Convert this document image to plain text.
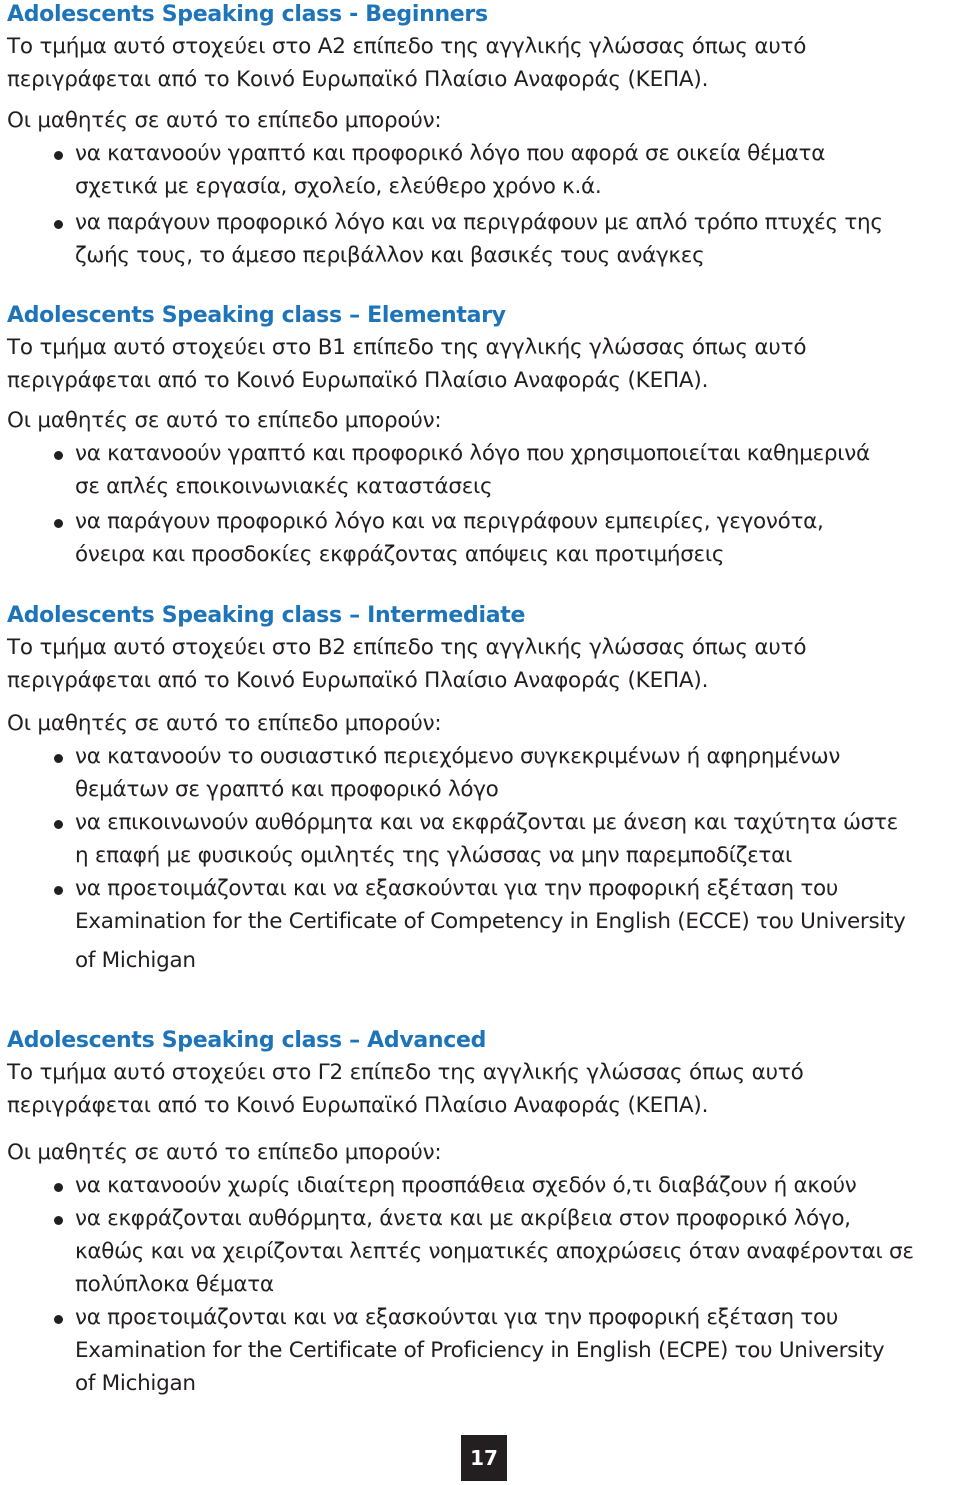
Adolescents Speaking class - Beginners

Το τμήμα αυτό στοχεύει στο Α2 επίπεδο της αγγλικής γλώσσας όπως αυτό
περιγράφεται από το Κοινό Ευρωπαϊκό Πλαίσιο Αναφοράς (ΚΕΠΑ).

Οι μαθητές σε αυτό το επίπεδο μπορούν:

να κατανοούν γραπτό και προφορικό λόγο που αφορά σε οικεία θέματα
σχετικά με εργασία, σχολείο, ελεύθερο χρόνο κ.ά.
να παράγουν προφορικό λόγο και να περιγράφουν με απλό τρόπο πτυχές της
ζωής τους, το άμεσο περιβάλλον και βασικές τους ανάγκες
Adolescents Speaking class – Elementary

Το τμήμα αυτό στοχεύει στο Β1 επίπεδο της αγγλικής γλώσσας όπως αυτό
περιγράφεται από το Κοινό Ευρωπαϊκό Πλαίσιο Αναφοράς (ΚΕΠΑ).

Οι μαθητές σε αυτό το επίπεδο μπορούν:

να κατανοούν γραπτό και προφορικό λόγο που χρησιμοποιείται καθημερινά
σε απλές εποικοινωνιακές καταστάσεις
να παράγουν προφορικό λόγο και να περιγράφουν εμπειρίες, γεγονότα,
όνειρα και προσδοκίες εκφράζοντας απόψεις και προτιμήσεις
Adolescents Speaking class – Intermediate

Το τμήμα αυτό στοχεύει στο Β2 επίπεδο της αγγλικής γλώσσας όπως αυτό
περιγράφεται από το Κοινό Ευρωπαϊκό Πλαίσιο Αναφοράς (ΚΕΠΑ).

Οι μαθητές σε αυτό το επίπεδο μπορούν:

να κατανοούν το ουσιαστικό περιεχόμενο συγκεκριμένων ή αφηρημένων
θεμάτων σε γραπτό και προφορικό λόγο
να επικοινωνούν αυθόρμητα και να εκφράζονται με άνεση και ταχύτητα ώστε
η επαφή με φυσικούς ομιλητές της γλώσσας να μην παρεμποδίζεται
να προετοιμάζονται και να εξασκούνται για την προφορική εξέταση του
Examination for the Certificate of Competency in English (ECCE) του University
of Michigan
Adolescents Speaking class – Advanced

Το τμήμα αυτό στοχεύει στο Γ2 επίπεδο της αγγλικής γλώσσας όπως αυτό
περιγράφεται από το Κοινό Ευρωπαϊκό Πλαίσιο Αναφοράς (ΚΕΠΑ).

Οι μαθητές σε αυτό το επίπεδο μπορούν:

να κατανοούν χωρίς ιδιαίτερη προσπάθεια σχεδόν ό,τι διαβάζουν ή ακούν
να εκφράζονται αυθόρμητα, άνετα και με ακρίβεια στον προφορικό λόγο,
καθώς και να χειρίζονται λεπτές νοηματικές αποχρώσεις όταν αναφέρονται σε
πολύπλοκα θέματα
να προετοιμάζονται και να εξασκούνται για την προφορική εξέταση του
Examination for the Certificate of Proficiency in English (ECPE) του University
of Michigan
17
